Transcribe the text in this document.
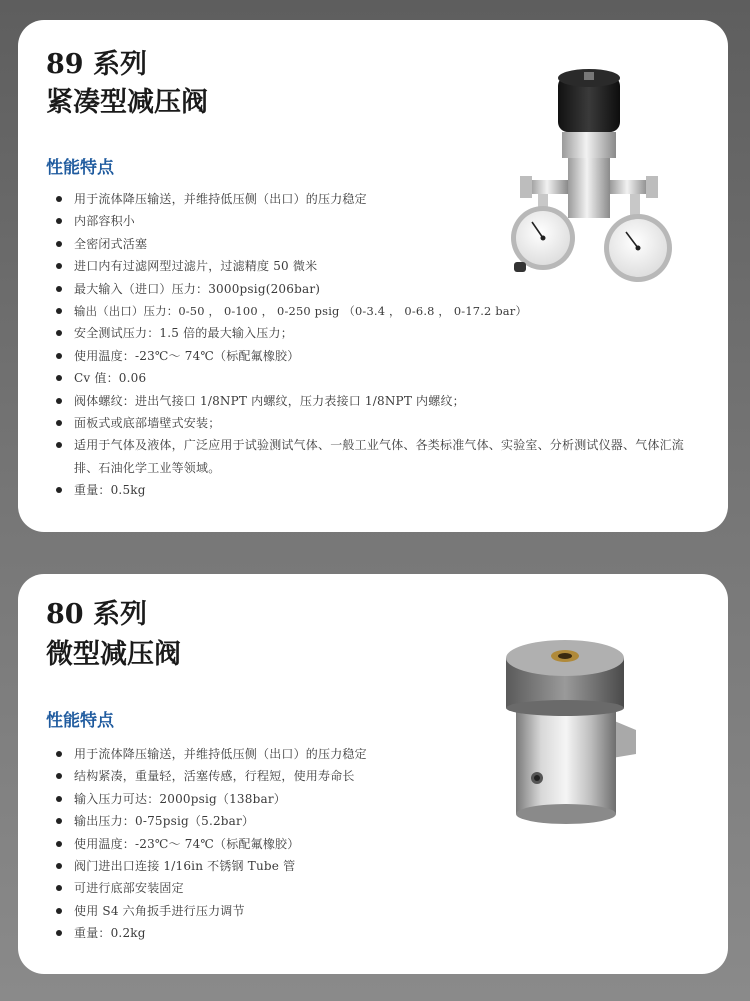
89 系列
紧凑型减压阀
性能特点
用于流体降压输送，并维持低压侧（出口）的压力稳定
内部容积小
全密闭式活塞
进口内有过滤网型过滤片，过滤精度 50 微米
最大输入（进口）压力：3000psig(206bar)
输出（出口）压力：0-50 ， 0-100 ， 0-250 psig （0-3.4 ， 0-6.8 ， 0-17.2 bar）
安全测试压力：1.5 倍的最大输入压力；
使用温度：-23℃～ 74℃（标配氟橡胶）
Cv 值：0.06
阀体螺纹：进出气接口 1/8NPT 内螺纹，压力表接口 1/8NPT 内螺纹；
面板式或底部墙壁式安装；
适用于气体及液体，广泛应用于试验测试气体、一般工业气体、各类标准气体、实验室、分析测试仪器、气体汇流排、石油化学工业等领域。
重量：0.5kg
80 系列
微型减压阀
性能特点
用于流体降压输送，并维持低压侧（出口）的压力稳定
结构紧凑，重量轻，活塞传感，行程短，使用寿命长
输入压力可达：2000psig（138bar）
输出压力：0-75psig（5.2bar）
使用温度：-23℃～ 74℃（标配氟橡胶）
阀门进出口连接 1/16in 不锈钢 Tube 管
可进行底部安装固定
使用 S4 六角扳手进行压力调节
重量：0.2kg
